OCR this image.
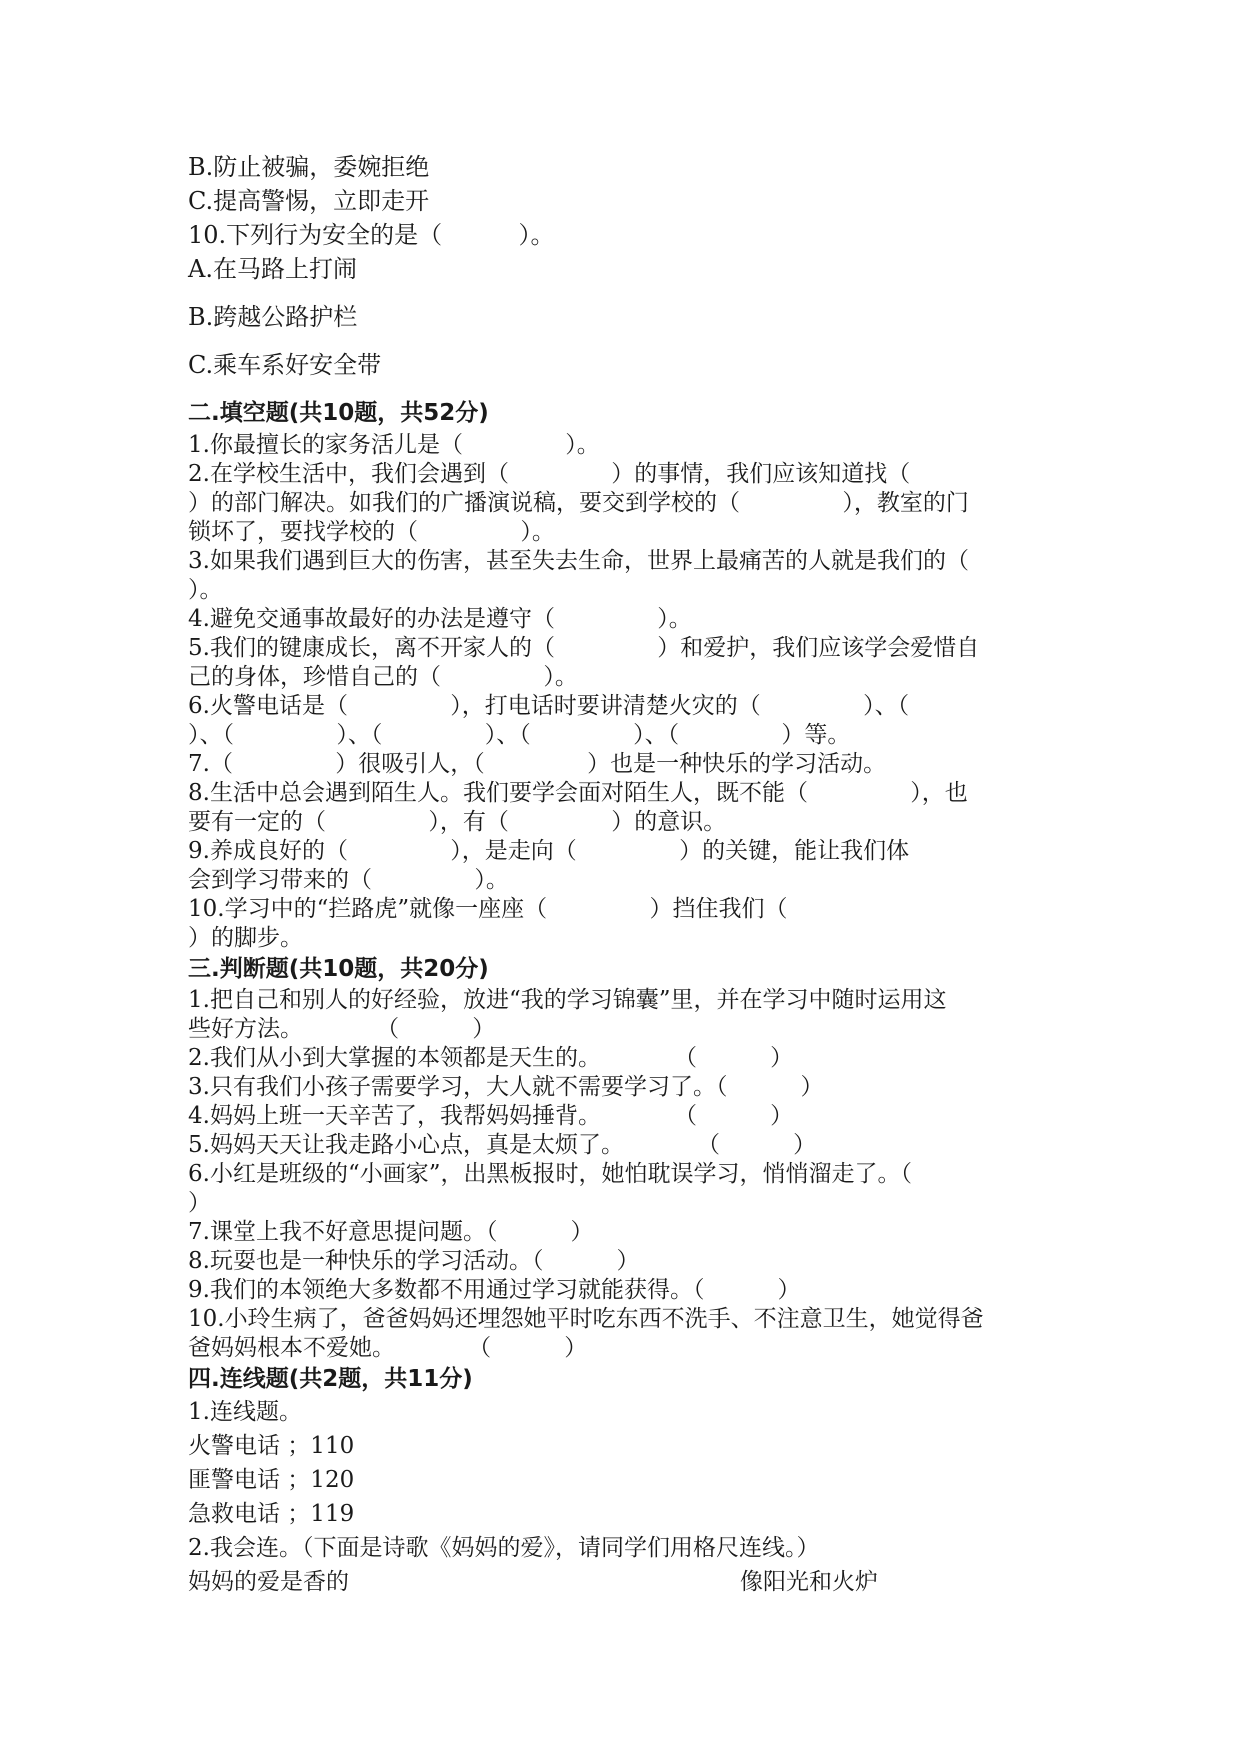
B.防止被骗，委婉拒绝
C.提高警惕，立即走开
10.下列行为安全的是（          ）。
A.在马路上打闹
B.跨越公路护栏
C.乘车系好安全带
二.填空题(共10题，共52分)
1.你最擅长的家务活儿是（              ）。
2.在学校生活中，我们会遇到（              ）的事情，我们应该知道找（
）的部门解决。如我们的广播演说稿，要交到学校的（              ），教室的门
锁坏了，要找学校的（              ）。
3.如果我们遇到巨大的伤害，甚至失去生命，世界上最痛苦的人就是我们的（
）。
4.避免交通事故最好的办法是遵守（              ）。
5.我们的键康成长，离不开家人的（              ）和爱护，我们应该学会爱惜自
己的身体，珍惜自己的（              ）。
6.火警电话是（              ），打电话时要讲清楚火灾的（              ）、（
）、（              ）、（              ）、（              ）、（              ）等。
7.（              ）很吸引人，（              ）也是一种快乐的学习活动。
8.生活中总会遇到陌生人。我们要学会面对陌生人，既不能（              ），也
要有一定的（              ），有（              ）的意识。
9.养成良好的（              ），是走向（              ）的关键，能让我们体
会到学习带来的（              ）。
10.学习中的“拦路虎”就像一座座（              ）挡住我们（
）的脚步。
三.判断题(共10题，共20分)
1.把自己和别人的好经验，放进“我的学习锦囊”里，并在学习中随时运用这
些好方法。          （          ）
2.我们从小到大掌握的本领都是天生的。          （          ）
3.只有我们小孩子需要学习，大人就不需要学习了。（          ）
4.妈妈上班一天辛苦了，我帮妈妈捶背。          （          ）
5.妈妈天天让我走路小心点，真是太烦了。          （          ）
6.小红是班级的“小画家”，出黑板报时，她怕耽误学习，悄悄溜走了。（
）
7.课堂上我不好意思提问题。（          ）
8.玩耍也是一种快乐的学习活动。（          ）
9.我们的本领绝大多数都不用通过学习就能获得。（          ）
10.小玲生病了，爸爸妈妈还埋怨她平时吃东西不洗手、不注意卫生，她觉得爸
爸妈妈根本不爱她。          （          ）
四.连线题(共2题，共11分)
1.连线题。
火警电话 ；110
匪警电话 ；120
急救电话 ；119
2.我会连。（下面是诗歌《妈妈的爱》，请同学们用格尺连线。）
妈妈的爱是香的	像阳光和火炉
